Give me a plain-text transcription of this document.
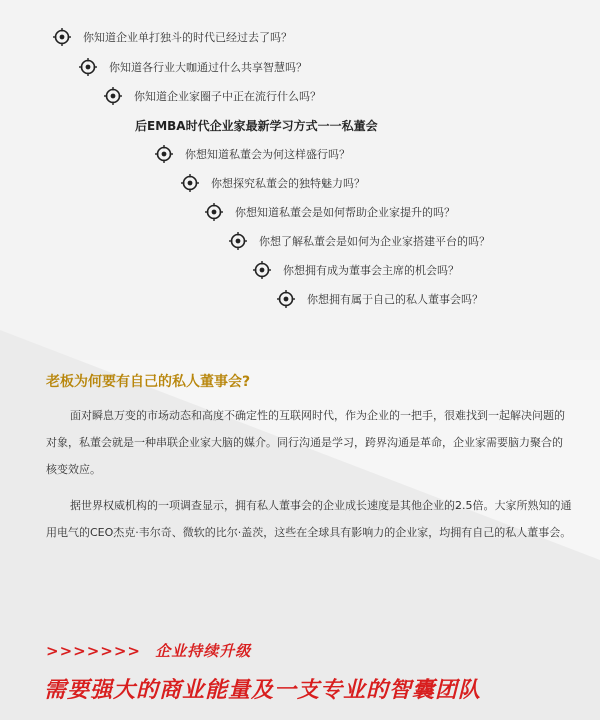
你知道企业单打独斗的时代已经过去了吗？
你知道各行业大咖通过什么共享智慧吗？
你知道企业家圈子中正在流行什么吗？
你想知道私董会为何这样盛行吗？
你想探究私董会的独特魅力吗？
你想知道私董会是如何帮助企业家提升的吗？
你想了解私董会是如何为企业家搭建平台的吗？
你想拥有成为董事会主席的机会吗？
你想拥有属于自己的私人董事会吗？
后EMBA时代企业家最新学习方式一一私董会
老板为何要有自己的私人董事会?

面对瞬息万变的市场动态和高度不确定性的互联网时代，作为企业的一把手，很难找到一起解决问题的对象，私董会就是一种串联企业家大脑的媒介。同行沟通是学习，跨界沟通是革命，企业家需要脑力聚合的核变效应。

据世界权威机构的一项调查显示，拥有私人董事会的企业成长速度是其他企业的2.5倍。大家所熟知的通用电气的CEO杰克·韦尔奇、微软的比尔·盖茨，这些在全球具有影响力的企业家，均拥有自己的私人董事会。

>>>>>>> 企业持续升级
需要强大的商业能量及一支专业的智囊团队
